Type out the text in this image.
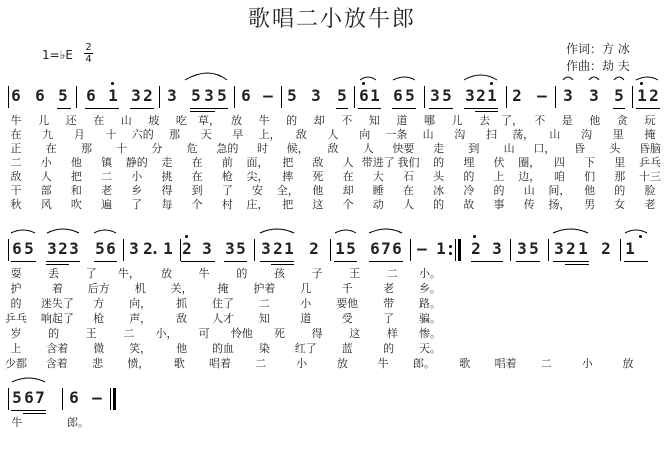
歌唱二小放牛郎
1=♭E
2
4
作词：方 冰
作曲：劫 夫
6 6 5 6 1 3 2 3 5 3 5 6 — 5 3 5 6 1 6 5 3 5 3 2 1 2 — 3 3 5 1 2
牛 儿 还 在 山 坡 吃 草， 放 牛 的 却 不 知 道 哪 儿 去 了， 不 是 他 贪 玩
在 九 月 十 六的 那 天 早 上， 敌 人 向 一条 山 沟 扫 荡， 山 沟 里 掩
正 在 那 十 分 危 急的 时 候， 敌 人 快要 走 到 山 口， 昏 头 昏脑
二 小 他 镇 静的 走 在 前 面， 把 敌 人 带进了 我们 的 埋 伏 圈， 四 下 里 乒乓
敌 人 把 二 小 挑 在 枪 尖， 摔 死 在 大 石 头 的 上 边， 咱 们 那 十三
干 部 和 老 乡 得 到 了 安 全， 他 却 睡 在 冰 冷 的 山 间， 他 的 脸
秋 风 吹 遍 了 每 个 村 庄， 把 这 个 动 人 的 故 事 传 扬， 男 女 老
6 5 3 2 3 5 6 3 2
. 1 2 3 3 5 3 2 1 2 1 5 6 7 6 — 1 2 3 3 5 3 2 1 2 1
耍 丢 了 牛， 放 牛 的 孩 子 王 二 小。
护	着 后方 机 关， 掩 护着 几	千	老 乡。
的 迷失了 方 向， 抓 住了 二	小 要他 带 路。
乒乓 响起了 枪 声， 敌 人才 知	道	受	了 骗。
岁 的 王 二 小， 可 怜他 死 得 这 样 惨。
上 含着 微 笑， 他 的血 染 红了 蓝	的 天。
少都 含着 悲 愤， 歌 唱着 二	小	放	牛 郎。 歌 唱着 二	小	放
5 6 7 6 —
牛	郎。
